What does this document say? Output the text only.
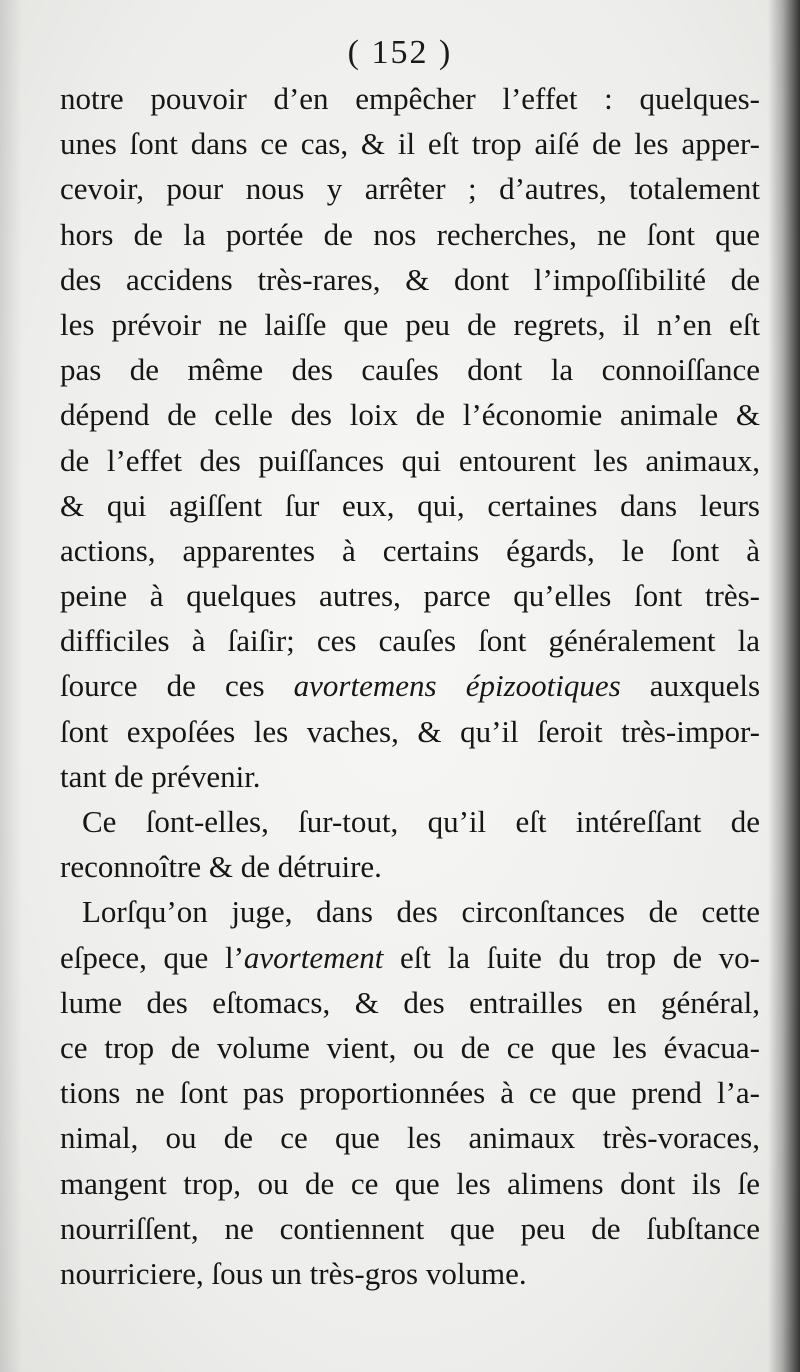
( 152 )
notre pouvoir d’en empêcher l’effet : quelques-
unes ſont dans ce cas, & il eſt trop aiſé de les apper-
cevoir, pour nous y arrêter ; d’autres, totalement
hors de la portée de nos recherches, ne ſont que
des accidens très-rares, & dont l’impoſſibilité de
les prévoir ne laiſſe que peu de regrets, il n’en eſt
pas de même des cauſes dont la connoiſſance
dépend de celle des loix de l’économie animale &
de l’effet des puiſſances qui entourent les animaux,
& qui agiſſent ſur eux, qui, certaines dans leurs
actions, apparentes à certains égards, le ſont à
peine à quelques autres, parce qu’elles ſont très-
difficiles à ſaiſir; ces cauſes ſont généralement la
ſource de ces avortemens épizootiques auxquels
ſont expoſées les vaches, & qu’il ſeroit très-impor-
tant de prévenir.
Ce ſont-elles, ſur-tout, qu’il eſt intéreſſant de
reconnoître & de détruire.
Lorſqu’on juge, dans des circonſtances de cette
eſpece, que l’avortement eſt la ſuite du trop de vo-
lume des eſtomacs, & des entrailles en général,
ce trop de volume vient, ou de ce que les évacua-
tions ne ſont pas proportionnées à ce que prend l’a-
nimal, ou de ce que les animaux très-voraces,
mangent trop, ou de ce que les alimens dont ils ſe
nourriſſent, ne contiennent que peu de ſubſtance
nourriciere, ſous un très-gros volume.
